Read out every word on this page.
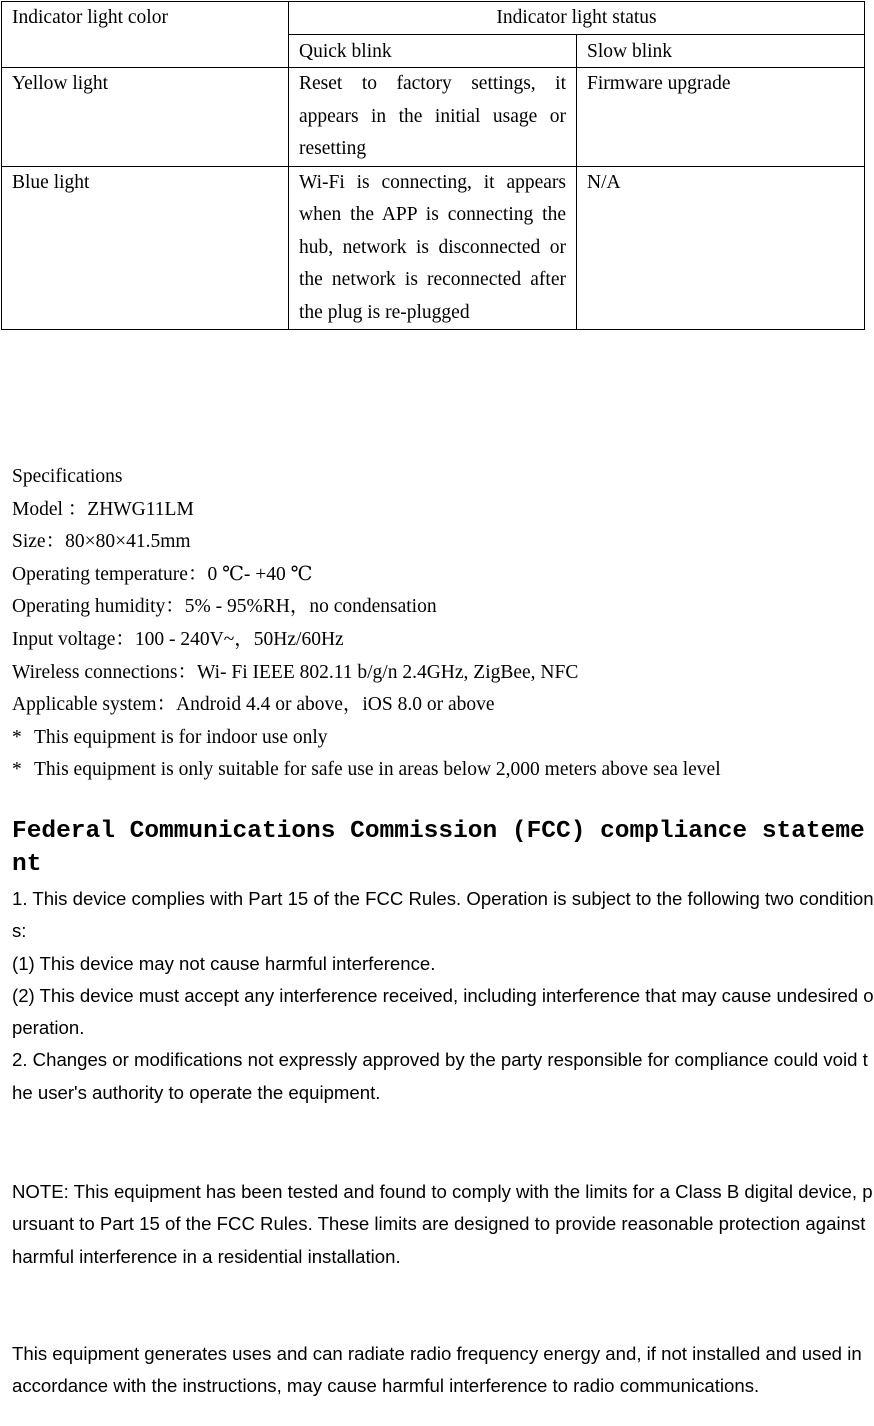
Indicator light color	Indicator light status	
	Quick blink	Slow blink
Yellow light	Reset to factory settings, it appears in the initial usage or resetting	Firmware upgrade
Blue light	Wi-Fi is connecting, it appears when the APP is connecting the hub, network is disconnected or the network is reconnected after the plug is re-plugged	N/A
Specifications
Model ：ZHWG11LM
Size：80×80×41.5mm
Operating temperature：0 ℃- +40 ℃
Operating humidity：5% - 95%RH，no condensation
Input voltage：100 - 240V~，50Hz/60Hz
Wireless connections：Wi- Fi IEEE 802.11 b/g/n 2.4GHz, ZigBee, NFC
Applicable system：Android 4.4 or above，iOS 8.0 or above
* This equipment is for indoor use only
* This equipment is only suitable for safe use in areas below 2,000 meters above sea level
Federal Communications Commission (FCC) compliance statement

1. This device complies with Part 15 of the FCC Rules. Operation is subject to the following two conditions:

(1) This device may not cause harmful interference.

(2) This device must accept any interference received, including interference that may cause undesired operation.

2. Changes or modifications not expressly approved by the party responsible for compliance could void the user's authority to operate the equipment.

NOTE: This equipment has been tested and found to comply with the limits for a Class B digital device, pursuant to Part 15 of the FCC Rules. These limits are designed to provide reasonable protection against harmful interference in a residential installation.

This equipment generates uses and can radiate radio frequency energy and, if not installed and used in accordance with the instructions, may cause harmful interference to radio communications.
